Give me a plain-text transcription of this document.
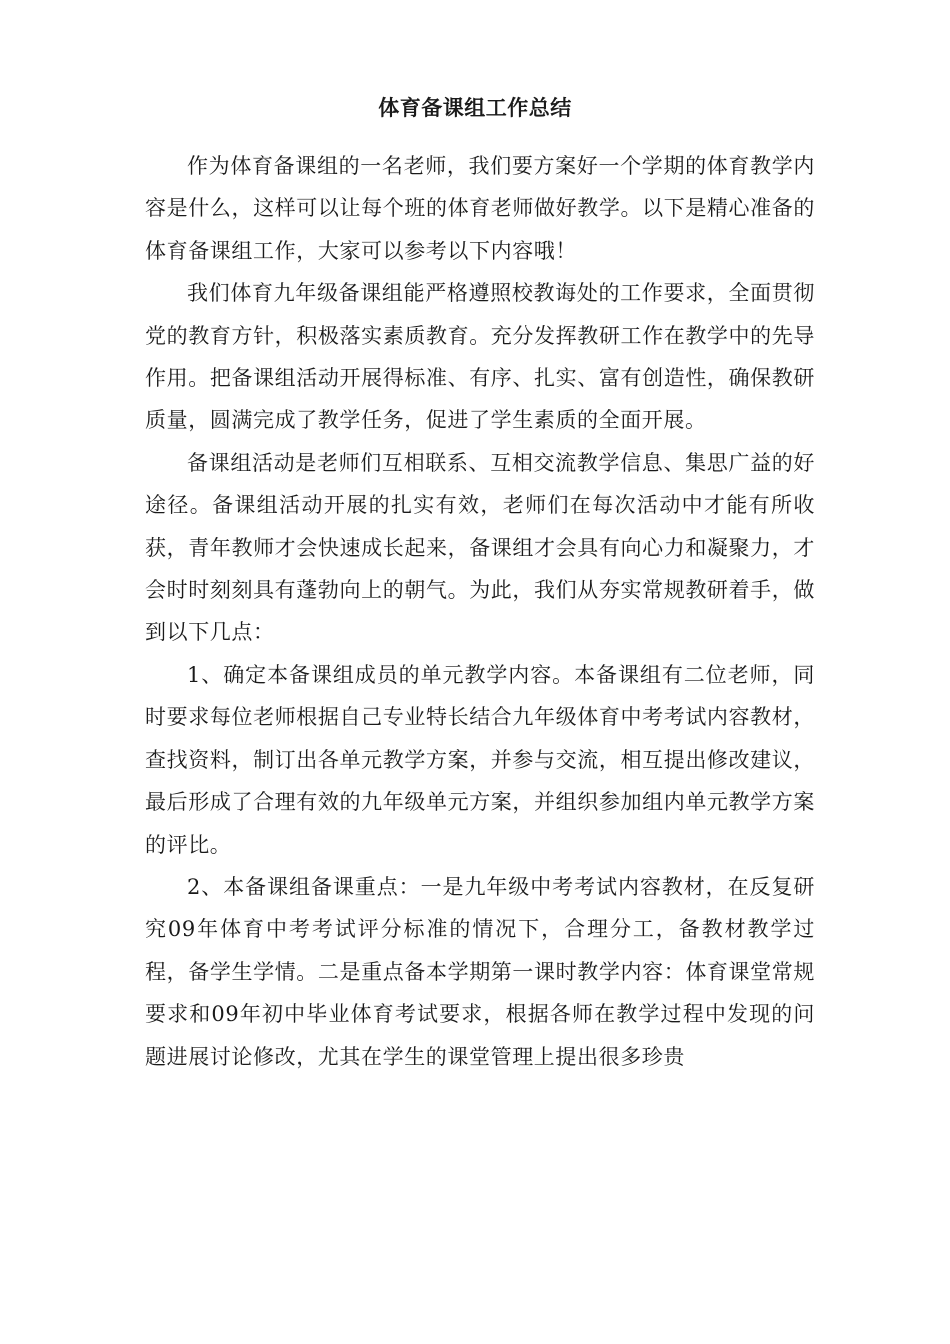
体育备课组工作总结

作为体育备课组的一名老师，我们要方案好一个学期的体育教学内容是什么，这样可以让每个班的体育老师做好教学。以下是精心准备的体育备课组工作，大家可以参考以下内容哦！

我们体育九年级备课组能严格遵照校教诲处的工作要求，全面贯彻党的教育方针，积极落实素质教育。充分发挥教研工作在教学中的先导作用。把备课组活动开展得标准、有序、扎实、富有创造性，确保教研质量，圆满完成了教学任务，促进了学生素质的全面开展。

备课组活动是老师们互相联系、互相交流教学信息、集思广益的好途径。备课组活动开展的扎实有效，老师们在每次活动中才能有所收获，青年教师才会快速成长起来，备课组才会具有向心力和凝聚力，才会时时刻刻具有蓬勃向上的朝气。为此，我们从夯实常规教研着手，做到以下几点：

1、确定本备课组成员的单元教学内容。本备课组有二位老师，同时要求每位老师根据自己专业特长结合九年级体育中考考试内容教材，查找资料，制订出各单元教学方案，并参与交流，相互提出修改建议，最后形成了合理有效的九年级单元方案，并组织参加组内单元教学方案的评比。

2、本备课组备课重点：一是九年级中考考试内容教材，在反复研究09年体育中考考试评分标准的情况下，合理分工，备教材教学过程，备学生学情。二是重点备本学期第一课时教学内容：体育课堂常规要求和09年初中毕业体育考试要求，根据各师在教学过程中发现的问题进展讨论修改，尤其在学生的课堂管理上提出很多珍贵
